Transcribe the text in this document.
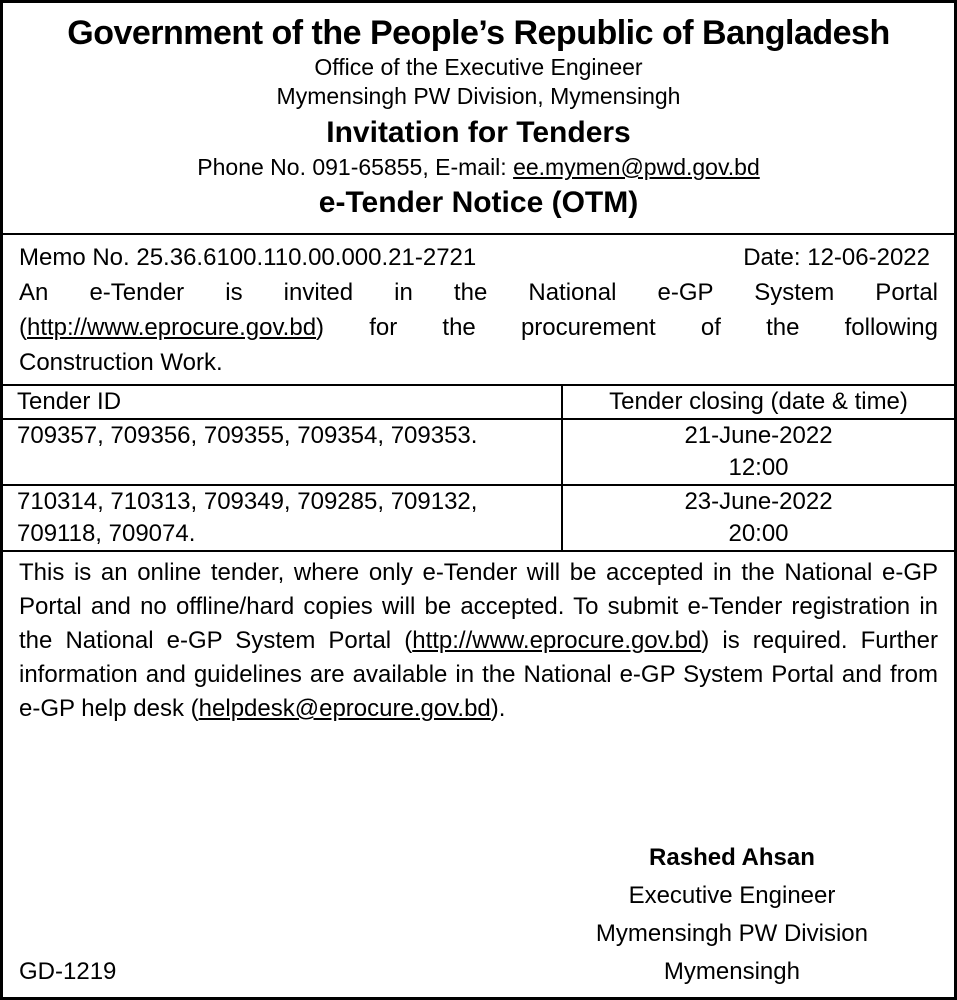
Government of the People’s Republic of Bangladesh
Office of the Executive Engineer
Mymensingh PW Division, Mymensingh
Invitation for Tenders
Phone No. 091-65855, E-mail: ee.mymen@pwd.gov.bd
e-Tender Notice (OTM)
Memo No. 25.36.6100.110.00.000.21-2721	Date: 12-06-2022
An e-Tender is invited in the National e-GP System Portal
(http://www.eprocure.gov.bd) for the procurement of the following
Construction Work.
Tender ID	Tender closing (date & time)
709357, 709356, 709355, 709354, 709353.	21-June-2022
12:00

710314, 710313, 709349, 709285, 709132, 709118, 709074.	23-June-2022
20:00
This is an online tender, where only e-Tender will be accepted in the National e-GP Portal and no offline/hard copies will be accepted. To submit e-Tender registration in the National e-GP System Portal (http://www.eprocure.gov.bd) is required. Further information and guidelines are available in the National e-GP System Portal and from e-GP help desk (helpdesk@eprocure.gov.bd).
Rashed Ahsan
Executive Engineer
Mymensingh PW Division
Mymensingh
GD-1219
